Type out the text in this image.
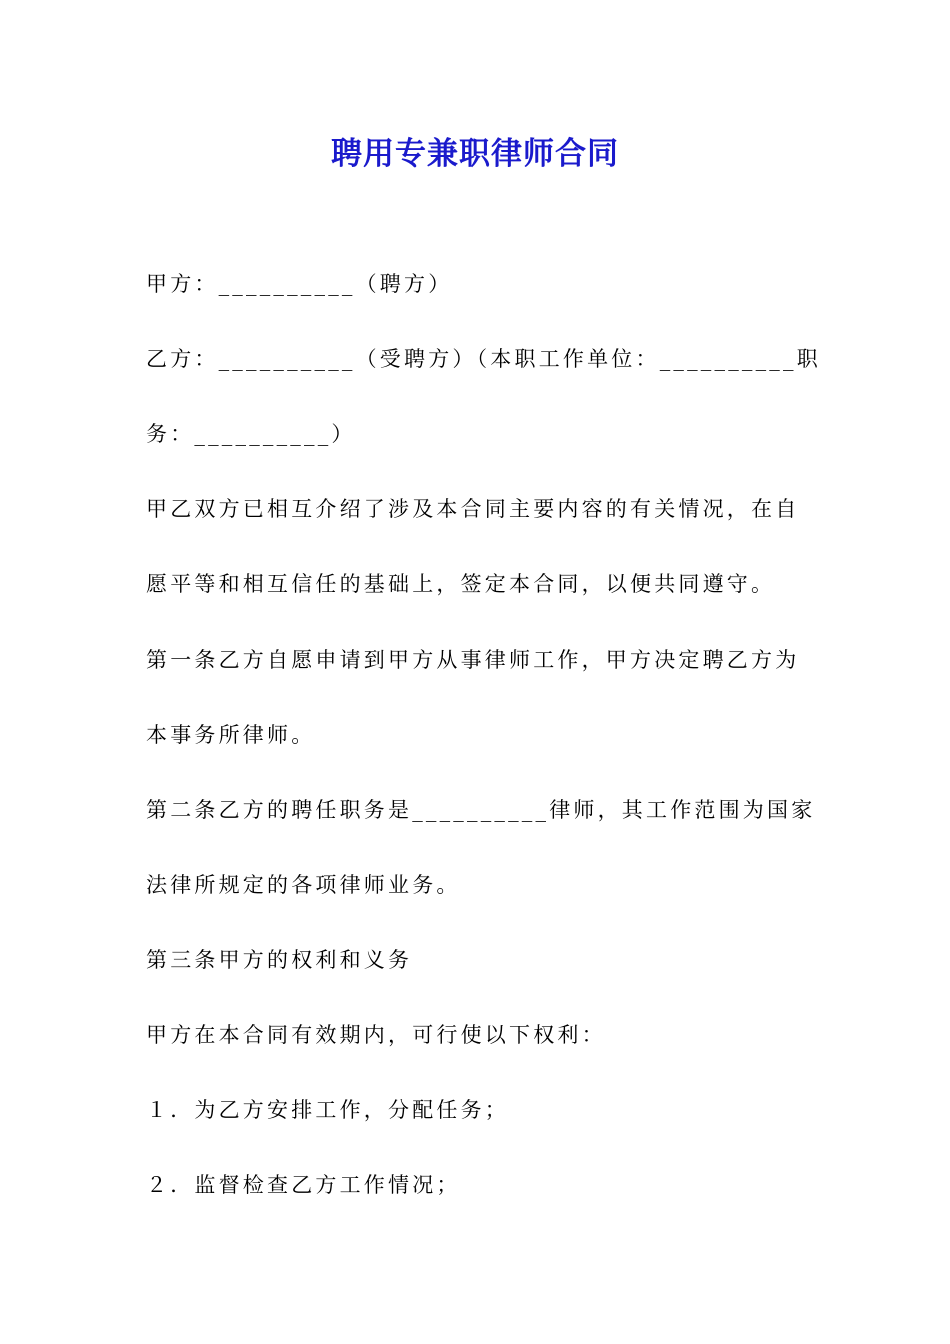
聘用专兼职律师合同
甲方：__________（聘方）
乙方：__________（受聘方）（本职工作单位：__________职
务：__________）
甲乙双方已相互介绍了涉及本合同主要内容的有关情况，在自
愿平等和相互信任的基础上，签定本合同，以便共同遵守。
第一条乙方自愿申请到甲方从事律师工作，甲方决定聘乙方为
本事务所律师。
第二条乙方的聘任职务是__________律师，其工作范围为国家
法律所规定的各项律师业务。
第三条甲方的权利和义务
甲方在本合同有效期内，可行使以下权利：
１．为乙方安排工作，分配任务；
２．监督检查乙方工作情况；
